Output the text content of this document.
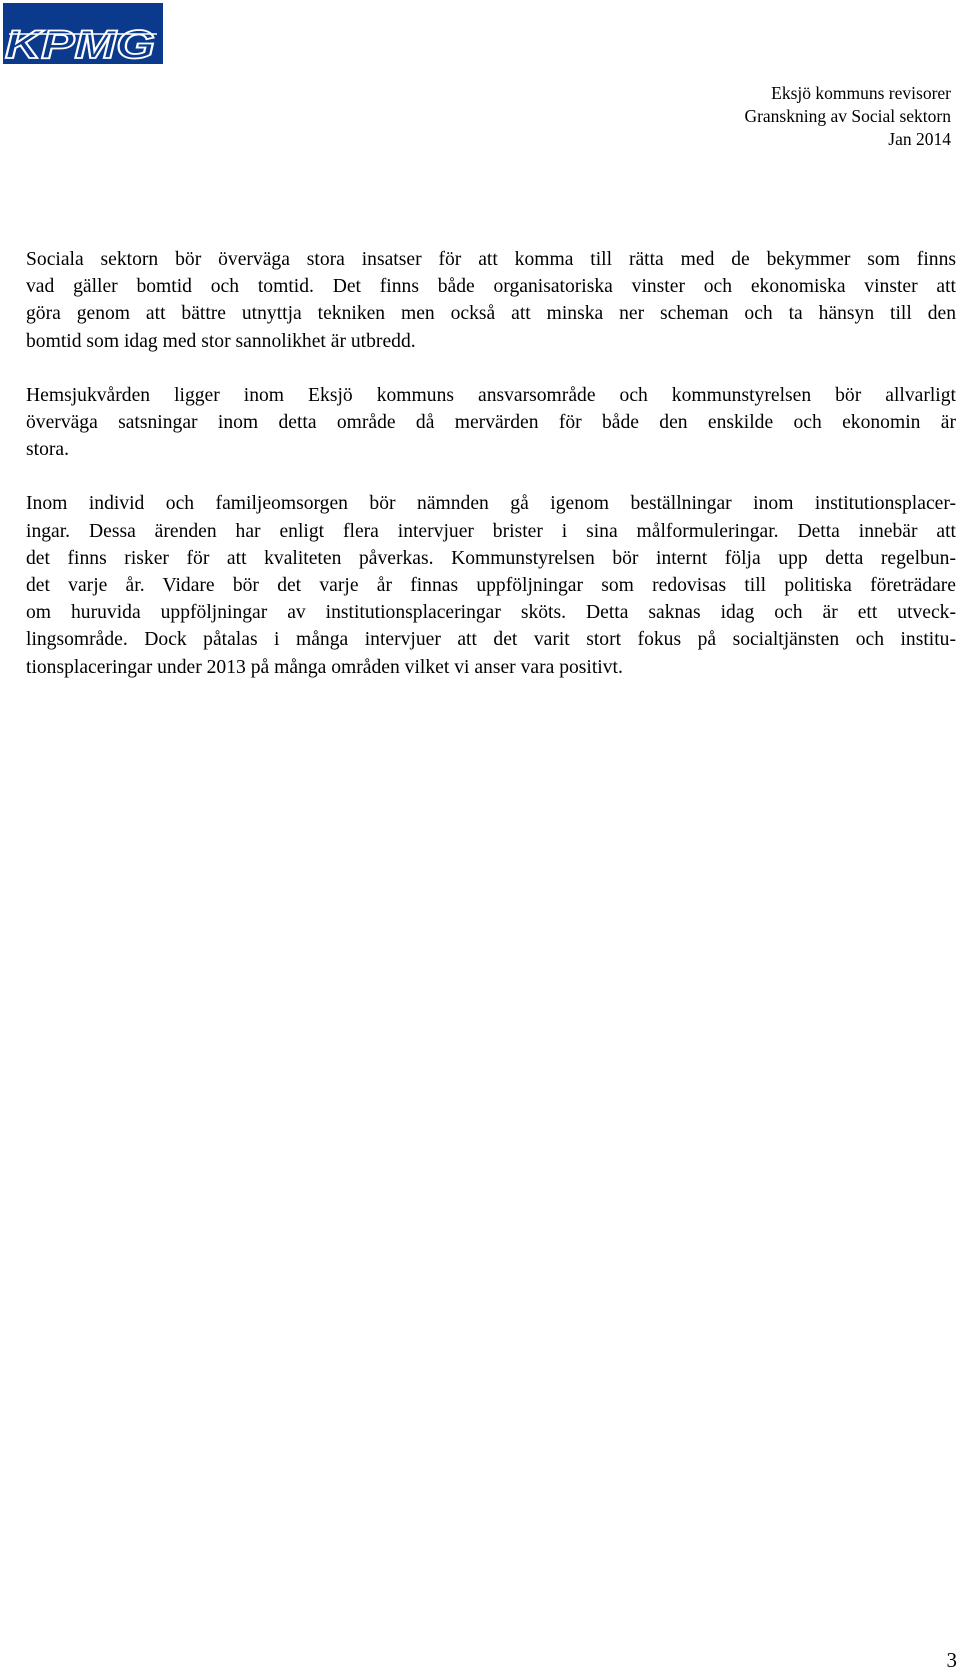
KPMG
Eksjö kommuns revisorer
Granskning av Social sektorn
Jan 2014

Sociala sektorn bör överväga stora insatser för att komma till rätta med de bekymmer som finns
vad gäller bomtid och tomtid. Det finns både organisatoriska vinster och ekonomiska vinster att
göra genom att bättre utnyttja tekniken men också att minska ner scheman och ta hänsyn till den
bomtid som idag med stor sannolikhet är utbredd.

Hemsjukvården ligger inom Eksjö kommuns ansvarsområde och kommunstyrelsen bör allvarligt
överväga satsningar inom detta område då mervärden för både den enskilde och ekonomin är
stora.

Inom individ och familjeomsorgen bör nämnden gå igenom beställningar inom institutionsplacer-
ingar. Dessa ärenden har enligt flera intervjuer brister i sina målformuleringar. Detta innebär att
det finns risker för att kvaliteten påverkas. Kommunstyrelsen bör internt följa upp detta regelbun-
det varje år. Vidare bör det varje år finnas uppföljningar som redovisas till politiska företrädare
om huruvida uppföljningar av institutionsplaceringar sköts. Detta saknas idag och är ett utveck-
lingsområde. Dock påtalas i många intervjuer att det varit stort fokus på socialtjänsten och institu-
tionsplaceringar under 2013 på många områden vilket vi anser vara positivt.

3
